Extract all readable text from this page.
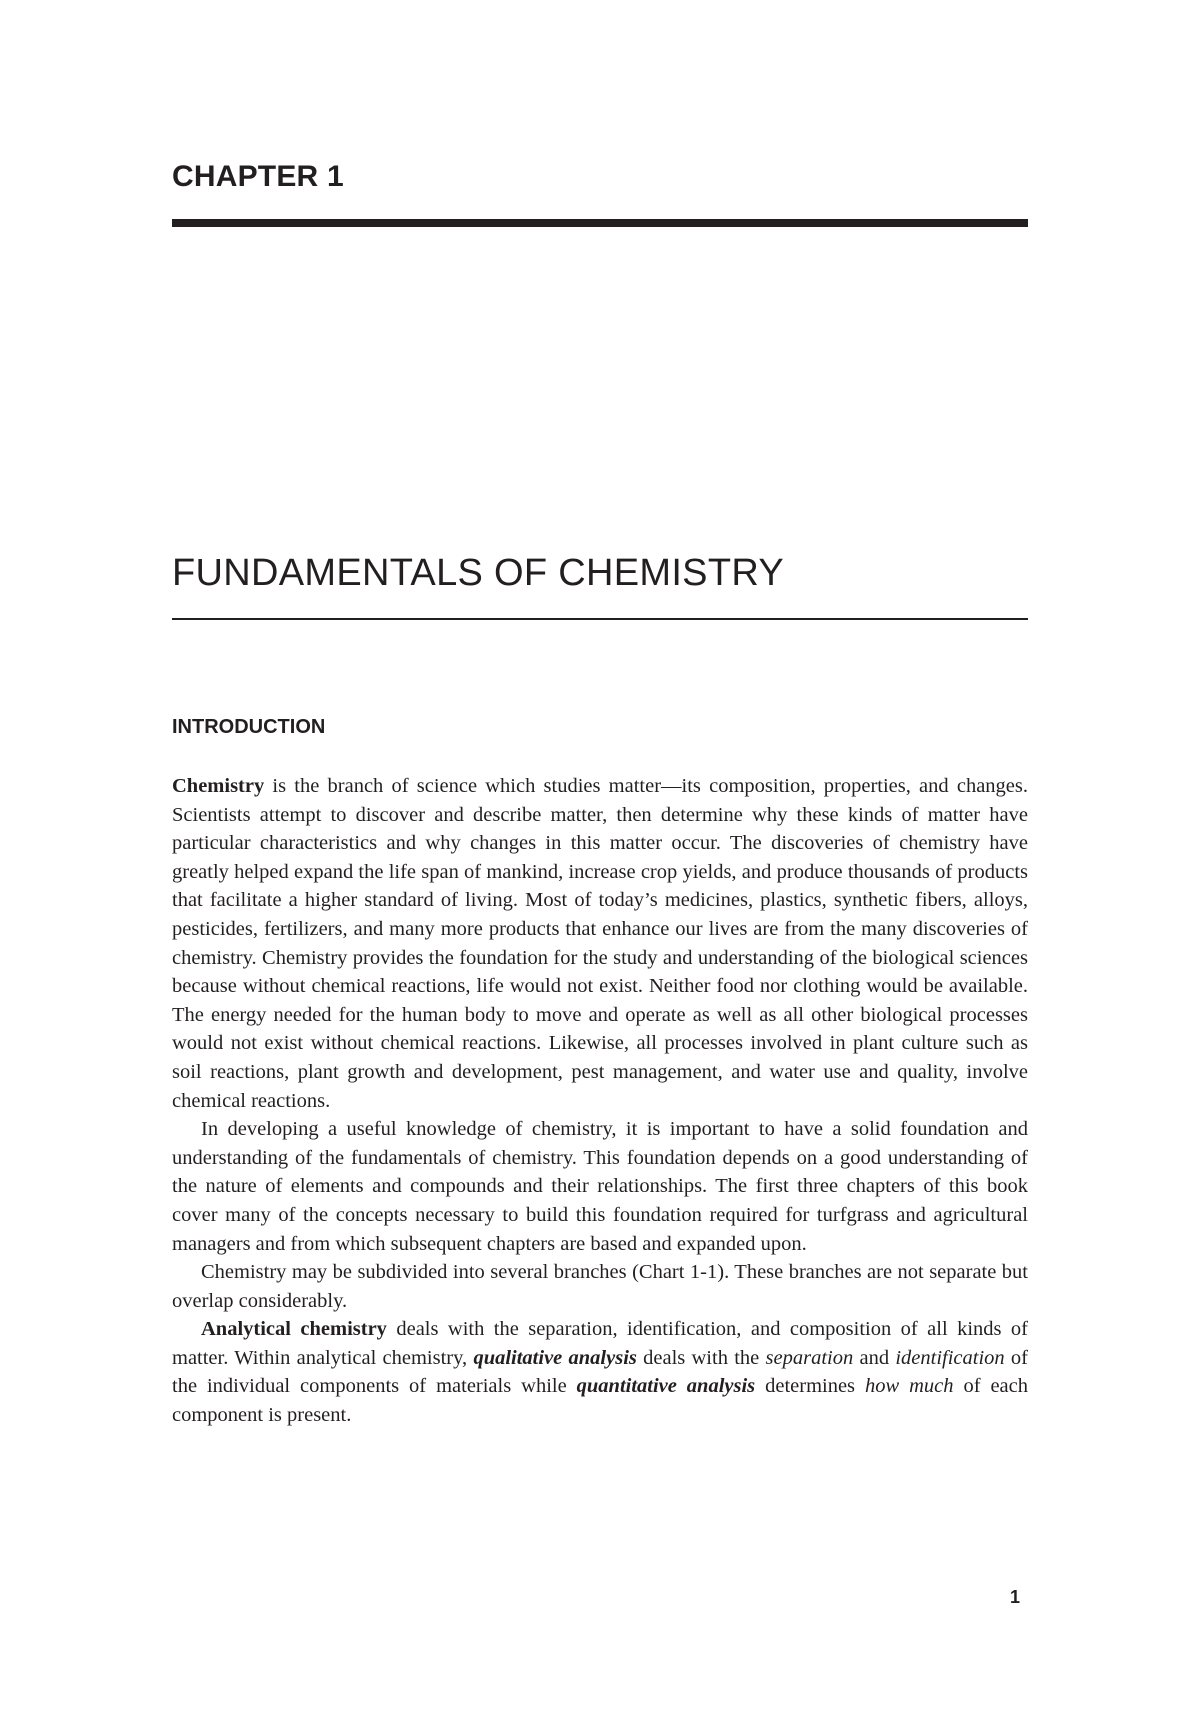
CHAPTER 1
FUNDAMENTALS OF CHEMISTRY
INTRODUCTION

Chemistry is the branch of science which studies matter—its composition, properties, and changes. Scientists attempt to discover and describe matter, then determine why these kinds of matter have particular characteristics and why changes in this matter occur. The discoveries of chemistry have greatly helped expand the life span of mankind, increase crop yields, and produce thousands of products that facilitate a higher standard of living. Most of today’s medicines, plastics, synthetic fibers, alloys, pesticides, fertilizers, and many more products that enhance our lives are from the many discoveries of chemistry. Chemistry provides the foundation for the study and understanding of the biological sciences because without chemical reactions, life would not exist. Neither food nor clothing would be available. The energy needed for the human body to move and operate as well as all other biological processes would not exist without chemical reactions. Likewise, all processes involved in plant culture such as soil reactions, plant growth and development, pest management, and water use and quality, involve chemical reactions.

In developing a useful knowledge of chemistry, it is important to have a solid foundation and understanding of the fundamentals of chemistry. This foundation depends on a good understanding of the nature of elements and compounds and their relationships. The first three chapters of this book cover many of the concepts necessary to build this foundation required for turfgrass and agricultural managers and from which subsequent chapters are based and expanded upon.

Chemistry may be subdivided into several branches (Chart 1-1). These branches are not separate but overlap considerably.

Analytical chemistry deals with the separation, identification, and composition of all kinds of matter. Within analytical chemistry, qualitative analysis deals with the separation and identification of the individual components of materials while quantitative analysis determines how much of each component is present.

1
